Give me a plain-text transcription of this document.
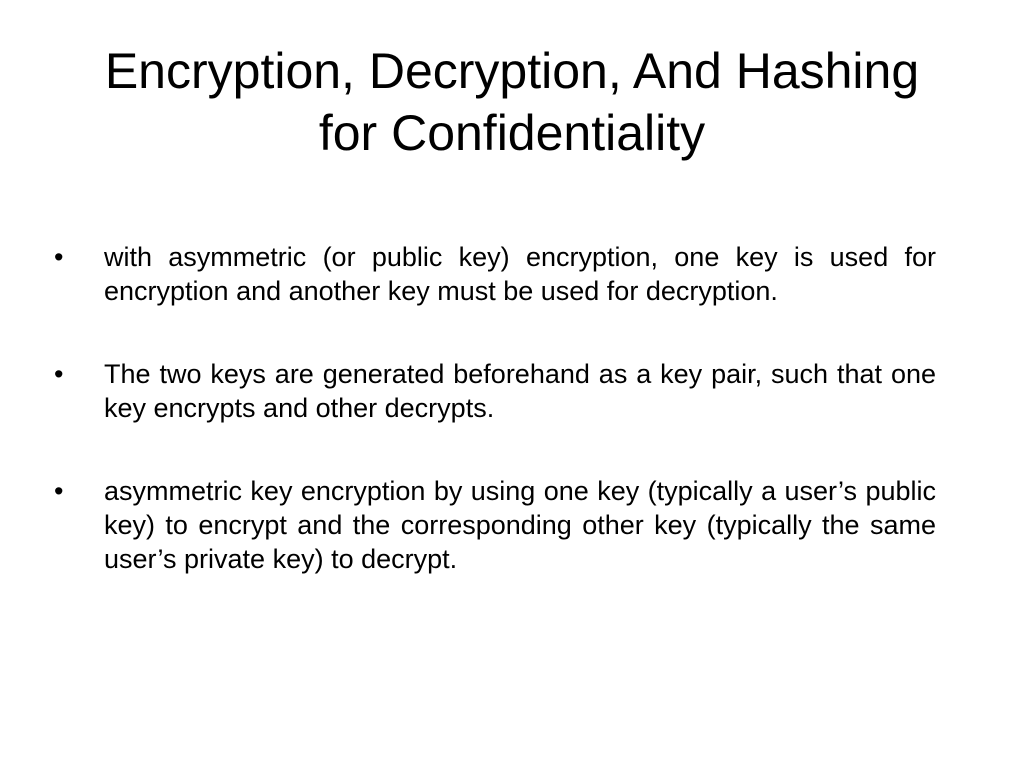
Encryption, Decryption, And Hashing for Confidentiality
•	with asymmetric (or public key) encryption, one key is used for encryption and another key must be used for decryption.
•	The two keys are generated beforehand as a key pair, such that one key encrypts and other decrypts.
•	asymmetric key encryption by using one key (typically a user’s public key) to encrypt and the corresponding other key (typically the same user’s private key) to decrypt.
